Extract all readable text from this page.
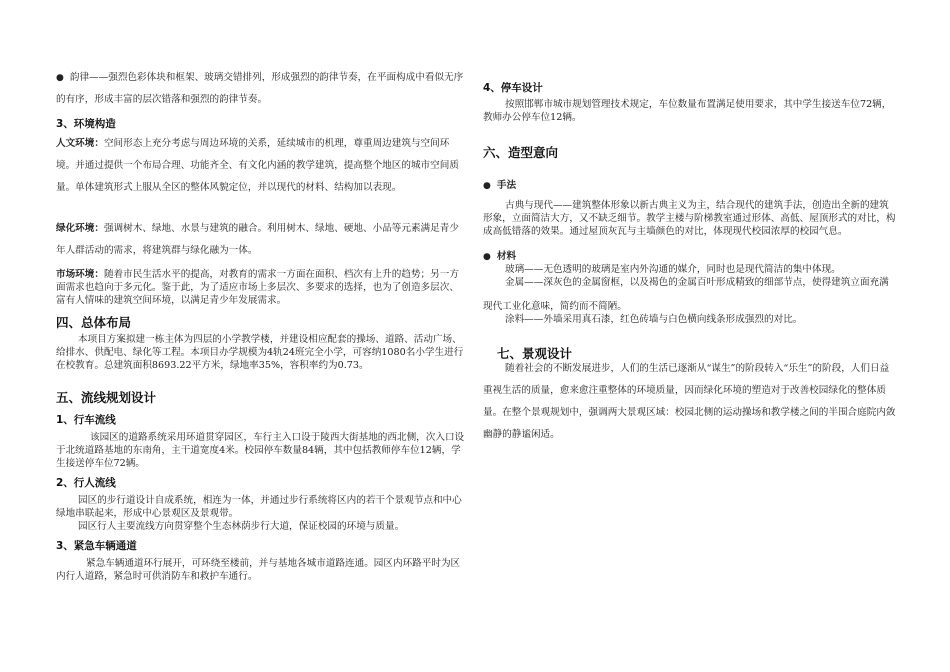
● 韵律——强烈色彩体块和框架、玻璃交错排列，形成强烈的韵律节奏，在平面构成中看似无序的有序，形成丰富的层次错落和强烈的韵律节奏。

3、环境构造

人文环境：空间形态上充分考虑与周边环境的关系，延续城市的机理，尊重周边建筑与空间环境。并通过提供一个布局合理、功能齐全、有文化内涵的教学建筑，提高整个地区的城市空间质量。单体建筑形式上服从全区的整体风貌定位，并以现代的材料、结构加以表现。

绿化环境：强调树木、绿地、水景与建筑的融合。利用树木、绿地、硬地、小品等元素满足青少年人群活动的需求，将建筑群与绿化融为一体。

市场环境：随着市民生活水平的提高，对教育的需求一方面在面积、档次有上升的趋势；另一方面需求也趋向于多元化。鉴于此，为了适应市场上多层次、多要求的选择，也为了创造多层次、富有人情味的建筑空间环境，以满足青少年发展需求。

四、总体布局

本项目方案拟建一栋主体为四层的小学教学楼，并建设相应配套的操场、道路、活动广场、给排水、供配电、绿化等工程。本项目办学规模为4轨24班完全小学，可容纳1080名小学生进行在校教育。总建筑面积8693.22平方米，绿地率35%，容积率约为0.73。

五、流线规划设计
1、行车流线

该园区的道路系统采用环道贯穿园区，车行主入口设于陵西大街基地的西北侧，次入口设于北统道路基地的东南角，主干道宽度4米。校园停车数量84辆，其中包括教师停车位12辆，学生接送停车位72辆。

2、行人流线

园区的步行道设计自成系统，相连为一体，并通过步行系统将区内的若干个景观节点和中心绿地串联起来，形成中心景观区及景观带。

园区行人主要流线方向贯穿整个生态林荫步行大道，保证校园的环境与质量。

3、紧急车辆通道

紧急车辆通道环行展开，可环绕至楼前，并与基地各城市道路连通。园区内环路平时为区内行人道路，紧急时可供消防车和救护车通行。

4、停车设计

按照邯郸市城市规划管理技术规定，车位数量布置满足使用要求，其中学生接送车位72辆，教师办公停车位12辆。

六、造型意向

● 手法

古典与现代——建筑整体形象以新古典主义为主，结合现代的建筑手法，创造出全新的建筑形象，立面简洁大方，又不缺乏细节。教学主楼与阶梯教室通过形体、高低、屋顶形式的对比，构成高低错落的效果。通过屋顶灰瓦与主墙颜色的对比，体现现代校园浓厚的校园气息。

● 材料

玻璃——无色透明的玻璃是室内外沟通的媒介，同时也是现代简洁的集中体现。

金属——深灰色的金属窗框，以及褐色的金属百叶形成精致的细部节点，使得建筑立面充满现代工业化意味，简约而不简陋。

涂料——外墙采用真石漆，红色砖墙与白色横向线条形成强烈的对比。

七、景观设计

随着社会的不断发展进步，人们的生活已逐渐从“谋生”的阶段转入“乐生”的阶段，人们日益重视生活的质量，愈来愈注重整体的环境质量，因而绿化环境的塑造对于改善校园绿化的整体质量。在整个景观规划中，强调两大景观区域：校园北侧的运动操场和教学楼之间的半围合庭院内敛幽静的静谧闲适。
